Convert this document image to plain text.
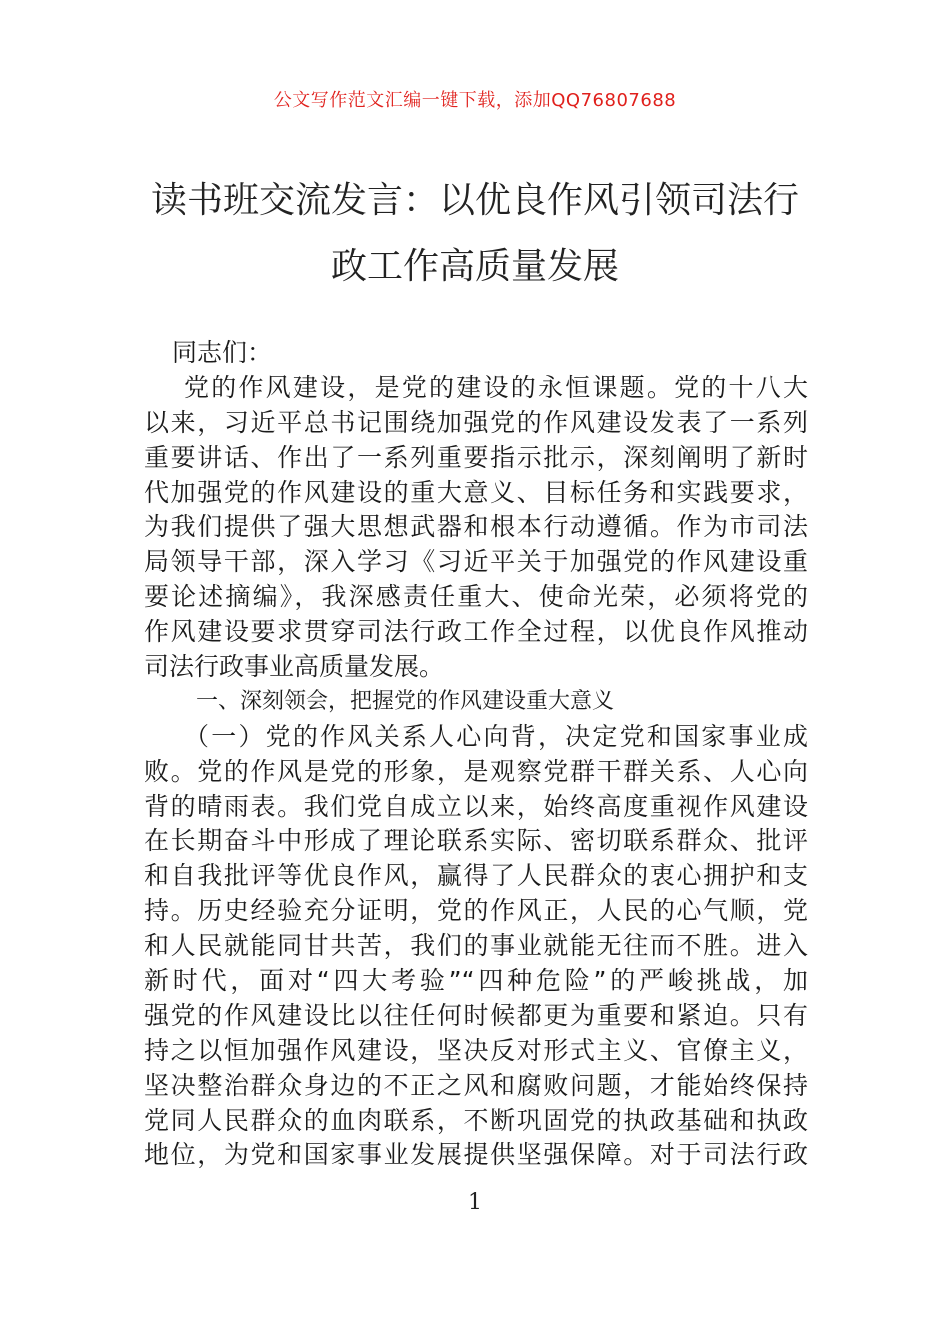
公文写作范文汇编一键下载，添加QQ76807688
读书班交流发言：以优良作风引领司法行
政工作高质量发展
同志们：
党的作风建设，是党的建设的永恒课题。党的十八大
以来，习近平总书记围绕加强党的作风建设发表了一系列
重要讲话、作出了一系列重要指示批示，深刻阐明了新时
代加强党的作风建设的重大意义、目标任务和实践要求，
为我们提供了强大思想武器和根本行动遵循。作为市司法
局领导干部，深入学习《习近平关于加强党的作风建设重
要论述摘编》，我深感责任重大、使命光荣，必须将党的
作风建设要求贯穿司法行政工作全过程，以优良作风推动
司法行政事业高质量发展。
一、深刻领会，把握党的作风建设重大意义
（一）党的作风关系人心向背，决定党和国家事业成
败。党的作风是党的形象，是观察党群干群关系、人心向
背的晴雨表。我们党自成立以来，始终高度重视作风建设
在长期奋斗中形成了理论联系实际、密切联系群众、批评
和自我批评等优良作风，赢得了人民群众的衷心拥护和支
持。历史经验充分证明，党的作风正，人民的心气顺，党
和人民就能同甘共苦，我们的事业就能无往而不胜。进入
新时代，面对“四大考验”“四种危险”的严峻挑战，加
强党的作风建设比以往任何时候都更为重要和紧迫。只有
持之以恒加强作风建设，坚决反对形式主义、官僚主义，
坚决整治群众身边的不正之风和腐败问题，才能始终保持
党同人民群众的血肉联系，不断巩固党的执政基础和执政
地位，为党和国家事业发展提供坚强保障。对于司法行政
1
